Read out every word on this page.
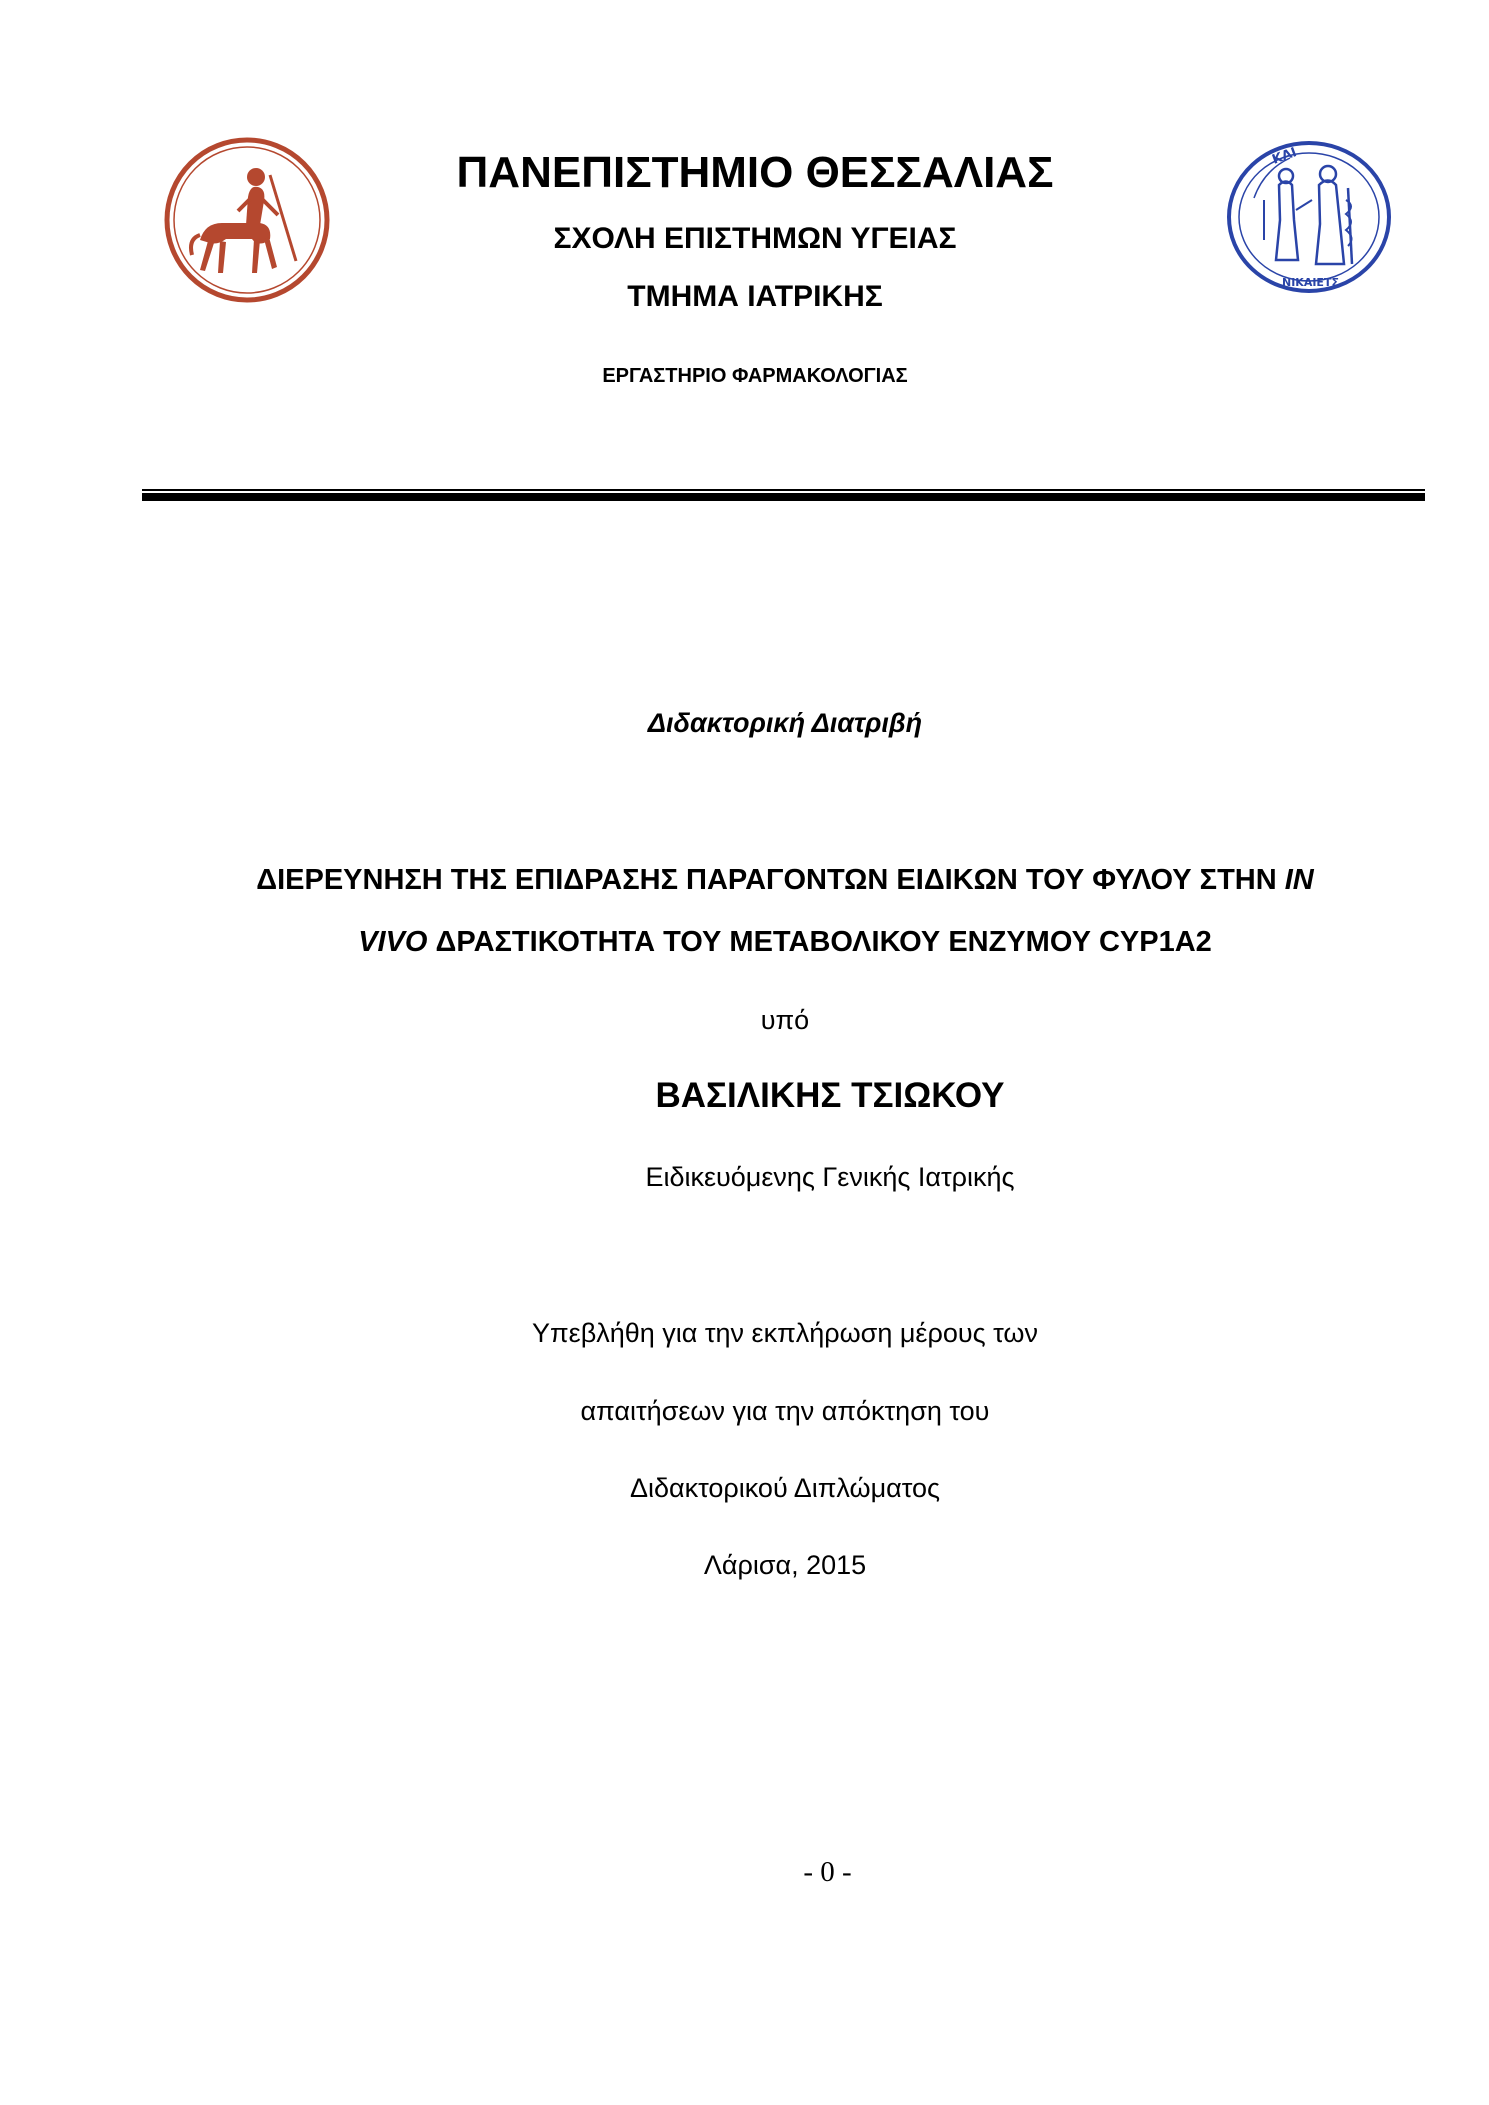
ΚΑΙ
ΝΙΚΑΙΕΤΣ
ΠΑΝΕΠΙΣΤΗΜΙΟ ΘΕΣΣΑΛΙΑΣ
ΣΧΟΛΗ ΕΠΙΣΤΗΜΩΝ ΥΓΕΙΑΣ
ΤΜΗΜΑ ΙΑΤΡΙΚΗΣ
ΕΡΓΑΣΤΗΡΙΟ ΦΑΡΜΑΚΟΛΟΓΙΑΣ
Διδακτορική Διατριβή
ΔΙΕΡΕΥΝΗΣΗ ΤΗΣ ΕΠΙΔΡΑΣΗΣ ΠΑΡΑΓΟΝΤΩΝ ΕΙΔΙΚΩΝ ΤΟΥ ΦΥΛΟΥ ΣΤΗΝ IN
VIVO ΔΡΑΣΤΙΚΟΤΗΤΑ ΤΟΥ ΜΕΤΑΒΟΛΙΚΟΥ ΕΝΖΥΜΟΥ CYP1A2
υπό
ΒΑΣΙΛΙΚΗΣ ΤΣΙΩΚΟΥ
Ειδικευόμενης Γενικής Ιατρικής
Υπεβλήθη για την εκπλήρωση μέρους των
απαιτήσεων για την απόκτηση του
Διδακτορικού Διπλώματος
Λάρισα, 2015
- 0 -
